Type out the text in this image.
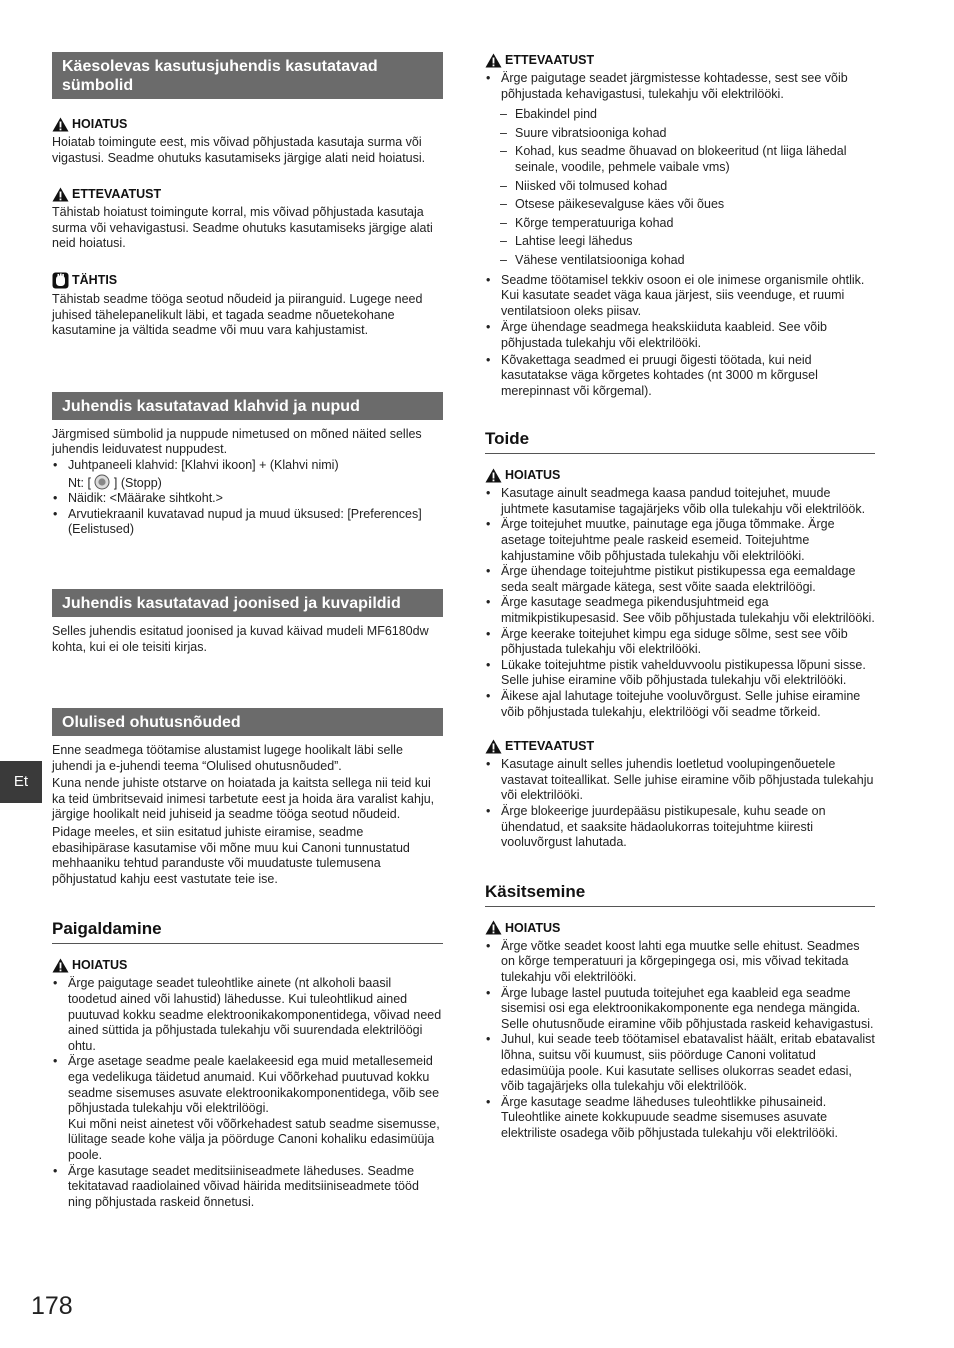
Et
178
Käesolevas kasutusjuhendis kasutatavad sümbolid
HOIATUS

Hoiatab toimingute eest, mis võivad põhjustada kasutaja surma või vigastusi. Seadme ohutuks kasutamiseks järgige alati neid hoiatusi.

ETTEVAATUST

Tähistab hoiatust toimingute korral, mis võivad põhjustada kasutaja surma või vehavigastusi. Seadme ohutuks kasutamiseks järgige alati neid hoiatusi.

TÄHTIS

Tähistab seadme tööga seotud nõudeid ja piiranguid. Lugege need juhised tähelepanelikult läbi, et tagada seadme nõuetekohane kasutamine ja vältida seadme või muu vara kahjustamist.

Juhendis kasutatavad klahvid ja nupud

Järgmised sümbolid ja nuppude nimetused on mõned näited selles juhendis leiduvatest nuppudest.

• Juhtpaneeli klahvid: [Klahvi ikoon] + (Klahvi nimi)
Nt: [ ] (Stopp)
• Näidik: <Määrake sihtkoht.>
• Arvutiekraanil kuvatavad nupud ja muud üksused: [Preferences] (Eelistused)
Juhendis kasutatavad joonised ja kuvapildid

Selles juhendis esitatud joonised ja kuvad käivad mudeli MF6180dw kohta, kui ei ole teisiti kirjas.

Olulised ohutusnõuded

Enne seadmega töötamise alustamist lugege hoolikalt läbi selle juhendi ja e-juhendi teema “Olulised ohutusnõuded”.

Kuna nende juhiste otstarve on hoiatada ja kaitsta sellega nii teid kui ka teid ümbritsevaid inimesi tarbetute eest ja hoida ära varalist kahju, järgige hoolikalt neid juhiseid ja seadme tööga seotud nõudeid.

Pidage meeles, et siin esitatud juhiste eiramise, seadme ebasihipärase kasutamise või mõne muu kui Canoni tunnustatud mehhaaniku tehtud paranduste või muudatuste tulemusena põhjustatud kahju eest vastutate teie ise.

Paigaldamine
HOIATUS
• Ärge paigutage seadet tuleohtlike ainete (nt alkoholi baasil toodetud ained või lahustid) lähedusse. Kui tuleohtlikud ained puutuvad kokku seadme elektroonikakomponentidega, võivad need ained süttida ja põhjustada tulekahju või suurendada elektrilöögi ohtu.
• Ärge asetage seadme peale kaelakeesid ega muid metallesemeid ega vedelikuga täidetud anumaid. Kui võõrkehad puutuvad kokku seadme sisemuses asuvate elektroonikakomponentidega, võib see põhjustada tulekahju või elektrilöögi.
Kui mõni neist ainetest või võõrkehadest satub seadme sisemusse, lülitage seade kohe välja ja pöörduge Canoni kohaliku edasimüüja poole.
• Ärge kasutage seadet meditsiiniseadmete läheduses. Seadme tekitatavad raadiolained võivad häirida meditsiiniseadmete tööd ning põhjustada raskeid õnnetusi.
ETTEVAATUST
• Ärge paigutage seadet järgmistesse kohtadesse, sest see võib põhjustada kehavigastusi, tulekahju või elektrilööki.
– Ebakindel pind
– Suure vibratsiooniga kohad
– Kohad, kus seadme õhuavad on blokeeritud (nt liiga lähedal seinale, voodile, pehmele vaibale vms)
– Niisked või tolmused kohad
– Otsese päikesevalguse käes või õues
– Kõrge temperatuuriga kohad
– Lahtise leegi lähedus
– Vähese ventilatsiooniga kohad
• Seadme töötamisel tekkiv osoon ei ole inimese organismile ohtlik. Kui kasutate seadet väga kaua järjest, siis veenduge, et ruumi ventilatsioon oleks piisav.
• Ärge ühendage seadmega heakskiiduta kaableid. See võib põhjustada tulekahju või elektrilööki.
• Kõvakettaga seadmed ei pruugi õigesti töötada, kui neid kasutatakse väga kõrgetes kohtades (nt 3000 m kõrgusel merepinnast või kõrgemal).
Toide
HOIATUS
• Kasutage ainult seadmega kaasa pandud toitejuhet, muude juhtmete kasutamise tagajärjeks võib olla tulekahju või elektrilöök.
• Ärge toitejuhet muutke, painutage ega jõuga tõmmake. Ärge asetage toitejuhtme peale raskeid esemeid. Toitejuhtme kahjustamine võib põhjustada tulekahju või elektrilööki.
• Ärge ühendage toitejuhtme pistikut pistikupessa ega eemaldage seda sealt märgade kätega, sest võite saada elektrilöögi.
• Ärge kasutage seadmega pikendusjuhtmeid ega mitmikpistikupesasid. See võib põhjustada tulekahju või elektrilööki.
• Ärge keerake toitejuhet kimpu ega siduge sõlme, sest see võib põhjustada tulekahju või elektrilööki.
• Lükake toitejuhtme pistik vahelduvvoolu pistikupessa lõpuni sisse. Selle juhise eiramine võib põhjustada tulekahju või elektrilööki.
• Äikese ajal lahutage toitejuhe vooluvõrgust. Selle juhise eiramine võib põhjustada tulekahju, elektrilöögi või seadme tõrkeid.
ETTEVAATUST
• Kasutage ainult selles juhendis loetletud voolupingenõuetele vastavat toiteallikat. Selle juhise eiramine võib põhjustada tulekahju või elektrilööki.
• Ärge blokeerige juurdepääsu pistikupesale, kuhu seade on ühendatud, et saaksite hädaolukorras toitejuhtme kiiresti vooluvõrgust lahutada.
Käsitsemine
HOIATUS
• Ärge võtke seadet koost lahti ega muutke selle ehitust. Seadmes on kõrge temperatuuri ja kõrgepingega osi, mis võivad tekitada tulekahju või elektrilööki.
• Ärge lubage lastel puutuda toitejuhet ega kaableid ega seadme sisemisi osi ega elektroonikakomponente ega nendega mängida. Selle ohutusnõude eiramine võib põhjustada raskeid kehavigastusi.
• Juhul, kui seade teeb töötamisel ebatavalist häält, eritab ebatavalist lõhna, suitsu või kuumust, siis pöörduge Canoni volitatud edasimüüja poole. Kui kasutate sellises olukorras seadet edasi, võib tagajärjeks olla tulekahju või elektrilöök.
• Ärge kasutage seadme läheduses tuleohtlikke pihusaineid. Tuleohtlike ainete kokkupuude seadme sisemuses asuvate elektriliste osadega võib põhjustada tulekahju või elektrilööki.
